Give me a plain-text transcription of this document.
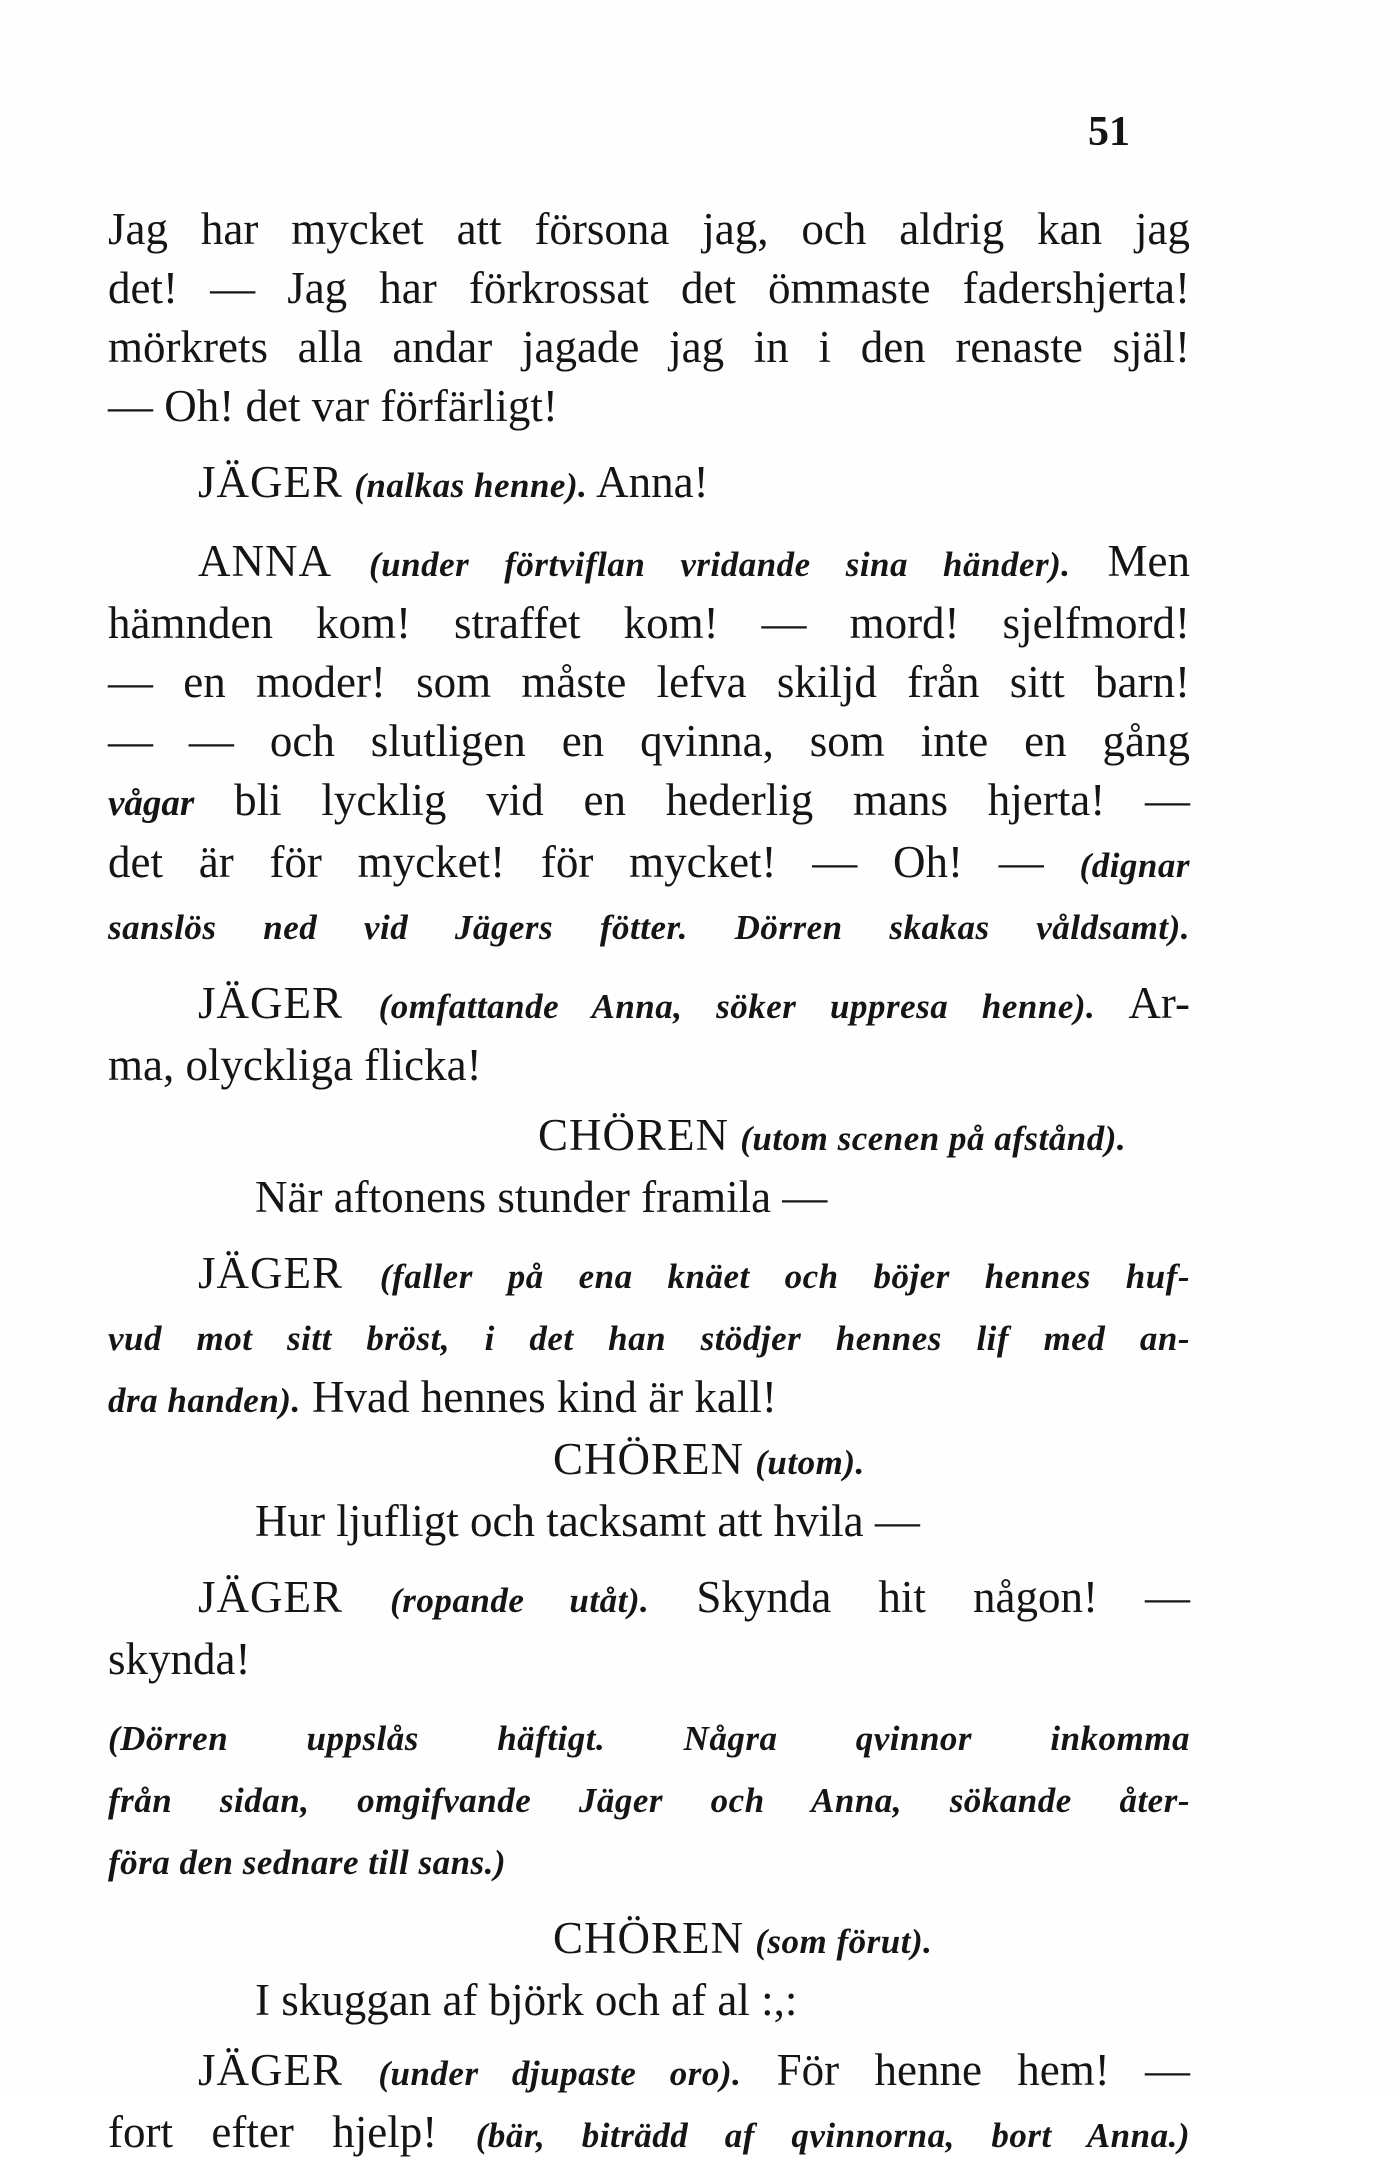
51
Jag har mycket att försona jag, och aldrig kan jag
det! — Jag har förkrossat det ömmaste fadershjerta!
mörkrets alla andar jagade jag in i den renaste själ!
— Oh! det var förfärligt!
JÄGER (nalkas henne). Anna!
ANNA (under förtviflan vridande sina händer). Men
hämnden kom! straffet kom! — mord! sjelfmord!
— en moder! som måste lefva skiljd från sitt barn!
— — och slutligen en qvinna, som inte en gång
vågar bli lycklig vid en hederlig mans hjerta! —
det är för mycket! för mycket! — Oh! — (dignar
sanslös ned vid Jägers fötter. Dörren skakas våldsamt).
JÄGER (omfattande Anna, söker uppresa henne). Ar-
ma, olyckliga flicka!
CHÖREN (utom scenen på afstånd).
När aftonens stunder framila —
JÄGER (faller på ena knäet och böjer hennes huf-
vud mot sitt bröst, i det han stödjer hennes lif med an-
dra handen). Hvad hennes kind är kall!
CHÖREN (utom).
Hur ljufligt och tacksamt att hvila —
JÄGER (ropande utåt). Skynda hit någon! —
skynda!
(Dörren uppslås häftigt. Några qvinnor inkomma
från sidan, omgifvande Jäger och Anna, sökande åter-
föra den sednare till sans.)
CHÖREN (som förut).
I skuggan af björk och af al :,:
JÄGER (under djupaste oro). För henne hem! —
fort efter hjelp! (bär, biträdd af qvinnorna, bort Anna.)
